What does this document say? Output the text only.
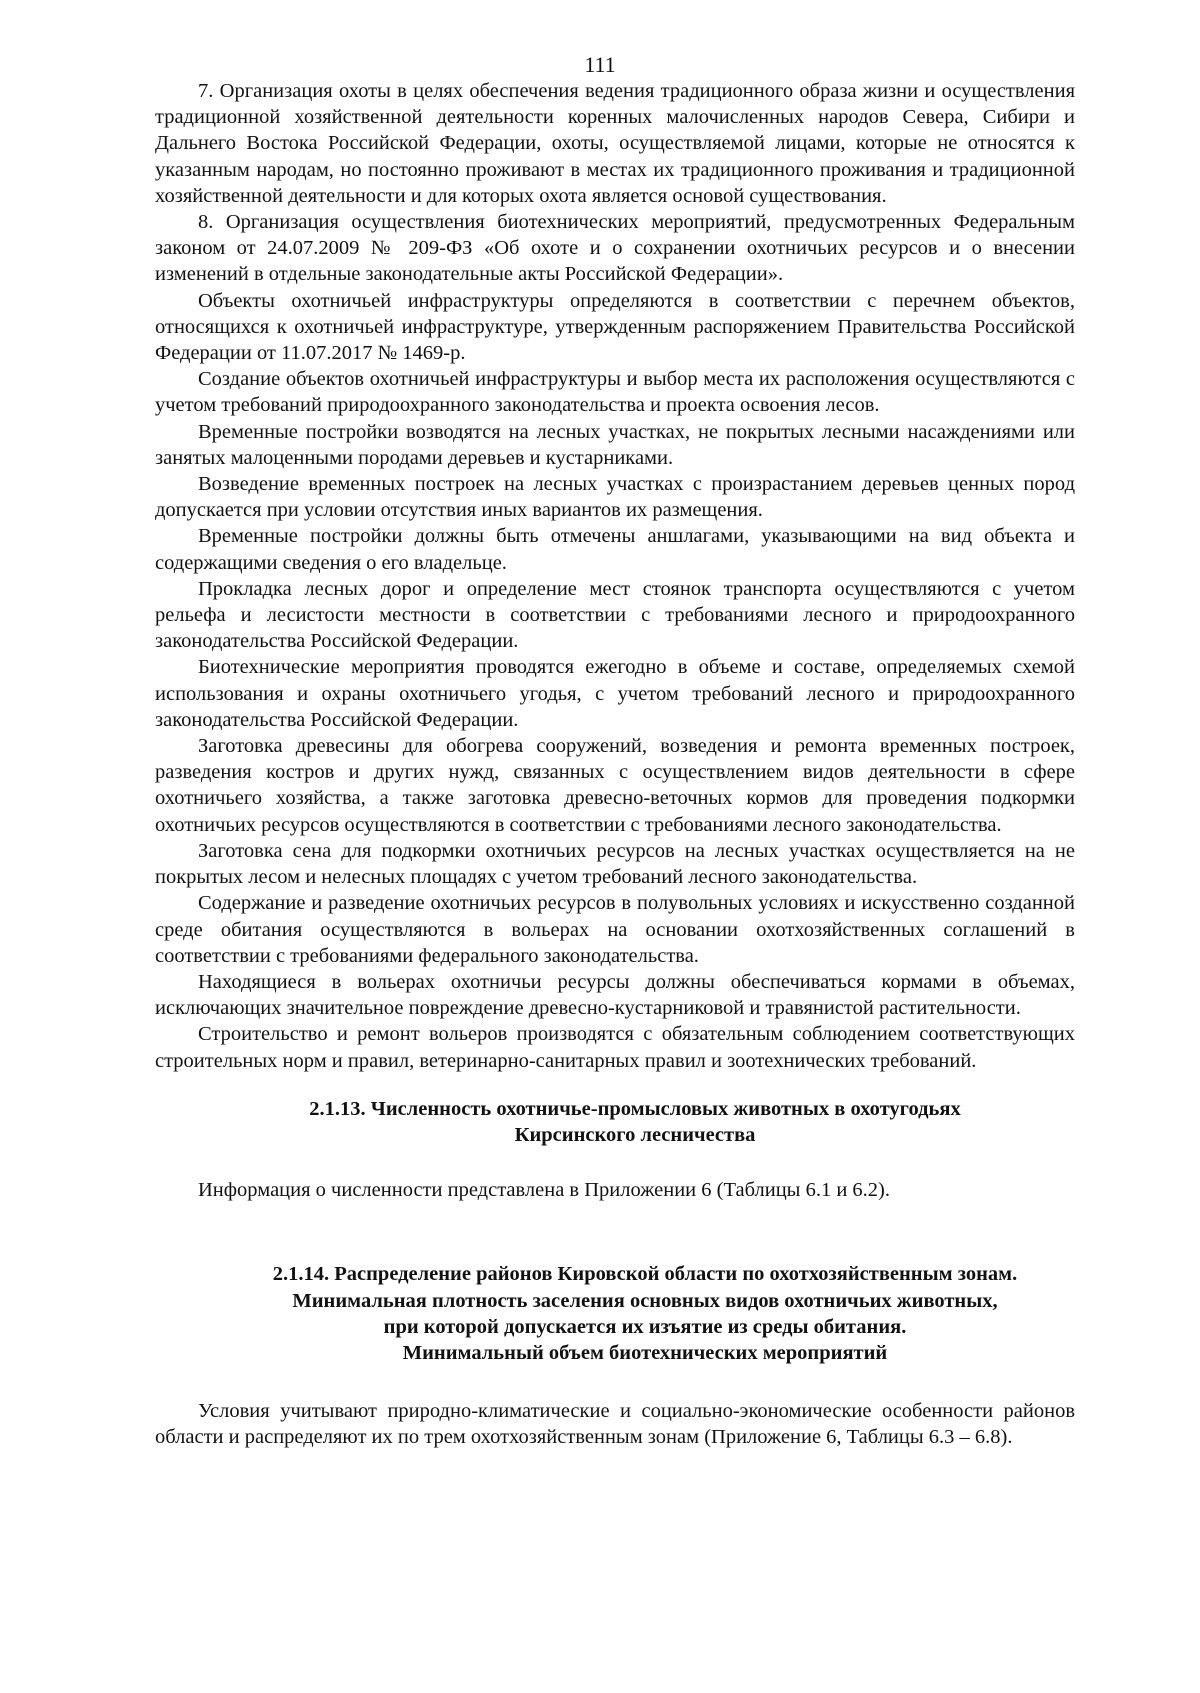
111

7. Организация охоты в целях обеспечения ведения традиционного образа жизни и осуществления традиционной хозяйственной деятельности коренных малочисленных народов Севера, Сибири и Дальнего Востока Российской Федерации, охоты, осуществляемой лицами, которые не относятся к указанным народам, но постоянно проживают в местах их традиционного проживания и традиционной хозяйственной деятельности и для которых охота является основой существования.

8. Организация осуществления биотехнических мероприятий, предусмотренных Федеральным законом от 24.07.2009 № 209-ФЗ «Об охоте и о сохранении охотничьих ресурсов и о внесении изменений в отдельные законодательные акты Российской Федерации».

Объекты охотничьей инфраструктуры определяются в соответствии с перечнем объектов, относящихся к охотничьей инфраструктуре, утвержденным распоряжением Правительства Российской Федерации от 11.07.2017 № 1469-р.

Создание объектов охотничьей инфраструктуры и выбор места их расположения осуществляются с учетом требований природоохранного законодательства и проекта освоения лесов.

Временные постройки возводятся на лесных участках, не покрытых лесными насаждениями или занятых малоценными породами деревьев и кустарниками.

Возведение временных построек на лесных участках с произрастанием деревьев ценных пород допускается при условии отсутствия иных вариантов их размещения.

Временные постройки должны быть отмечены аншлагами, указывающими на вид объекта и содержащими сведения о его владельце.

Прокладка лесных дорог и определение мест стоянок транспорта осуществляются с учетом рельефа и лесистости местности в соответствии с требованиями лесного и природоохранного законодательства Российской Федерации.

Биотехнические мероприятия проводятся ежегодно в объеме и составе, определяемых схемой использования и охраны охотничьего угодья, с учетом требований лесного и природоохранного законодательства Российской Федерации.

Заготовка древесины для обогрева сооружений, возведения и ремонта временных построек, разведения костров и других нужд, связанных с осуществлением видов деятельности в сфере охотничьего хозяйства, а также заготовка древесно-веточных кормов для проведения подкормки охотничьих ресурсов осуществляются в соответствии с требованиями лесного законодательства.

Заготовка сена для подкормки охотничьих ресурсов на лесных участках осуществляется на не покрытых лесом и нелесных площадях с учетом требований лесного законодательства.

Содержание и разведение охотничьих ресурсов в полувольных условиях и искусственно созданной среде обитания осуществляются в вольерах на основании охотхозяйственных соглашений в соответствии с требованиями федерального законодательства.

Находящиеся в вольерах охотничьи ресурсы должны обеспечиваться кормами в объемах, исключающих значительное повреждение древесно-кустарниковой и травянистой растительности.

Строительство и ремонт вольеров производятся с обязательным соблюдением соответствующих строительных норм и правил, ветеринарно-санитарных правил и зоотехнических требований.

2.1.13. Численность охотничье-промысловых животных в охотугодьях
Кирсинского лесничества

Информация о численности представлена в Приложении 6 (Таблицы 6.1 и 6.2).

2.1.14. Распределение районов Кировской области по охотхозяйственным зонам.
Минимальная плотность заселения основных видов охотничьих животных,
при которой допускается их изъятие из среды обитания.
Минимальный объем биотехнических мероприятий

Условия учитывают природно-климатические и социально-экономические особенности районов области и распределяют их по трем охотхозяйственным зонам (Приложение 6, Таблицы 6.3 – 6.8).
